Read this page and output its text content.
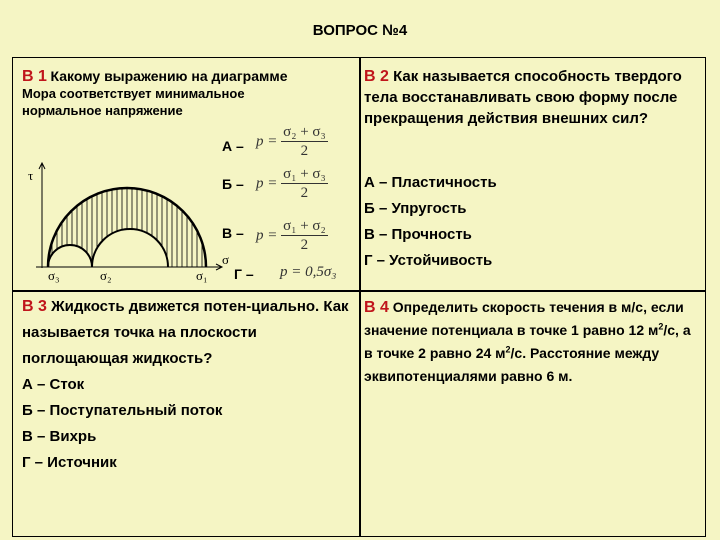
ВОПРОС №4
В 1 Какому выражению на диаграмме
Мора соответствует минимальное
нормальное напряжение
τ
σ
σ₃	σ₂	σ₁
$А - p = \frac{\text{σ₂ + σ₃}}{2}$
$Б - p = \frac{\text{σ₁ + σ₃}}{2}$
$В - p = \frac{\text{σ₁ + σ₂}}{2}$
Г – p = 0,5σ₃
В 2 Как называется способность твердого тела восстанавливать свою форму после прекращения действия внешних сил?
А – Пластичность
Б – Упругость
В – Прочность
Г – Устойчивость
В 3 Жидкость движется потен-циально. Как называется точка на плоскости поглощающая жидкость?
А – Сток
Б – Поступательный поток
В – Вихрь
Г – Источник
В 4 Определить скорость течения в м/с, если значение потенциала в точке 1 равно 12 $м^2/с$, а в точке 2 равно 24 $м^2/с$. Расстояние между эквипотенциалями равно 6 м.
